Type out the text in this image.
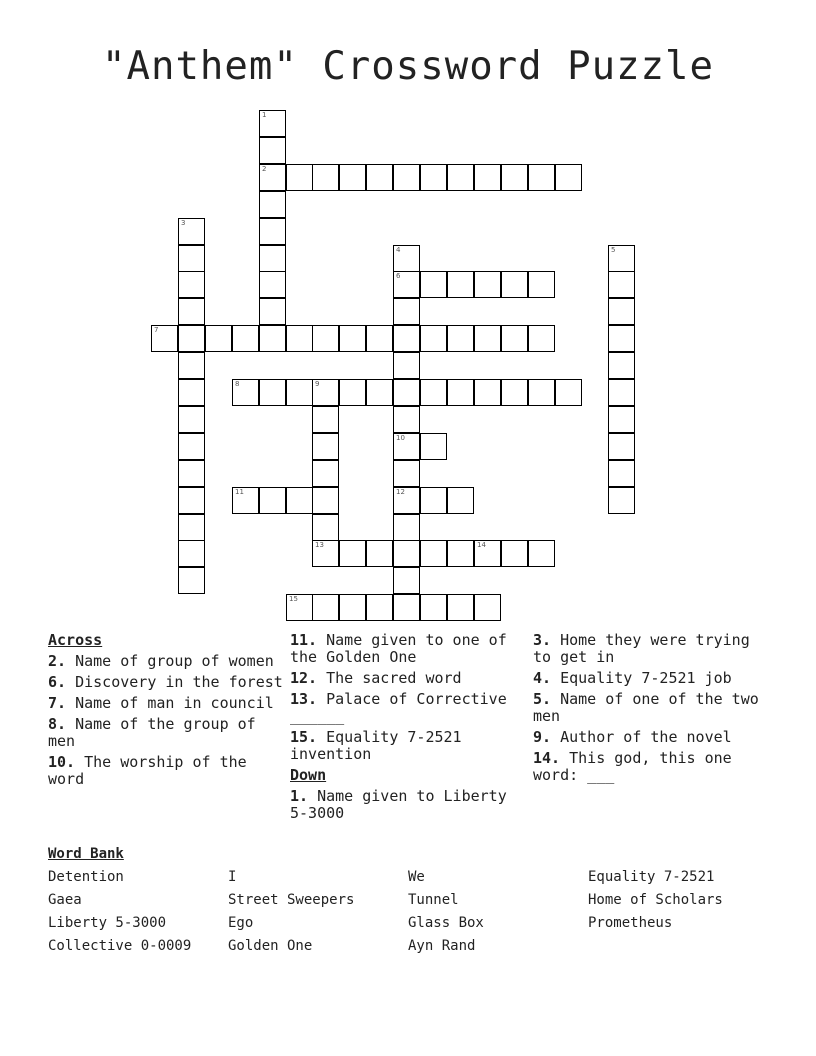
"Anthem" Crossword Puzzle
1
2
3
4
6
10
12
5
7
8	9
13
11
14
15
Across
2. Name of group of women
6. Discovery in the forest
7. Name of man in council
8. Name of the group of men
10. The worship of the word
11. Name given to one of the Golden One
12. The sacred word
13. Palace of Corrective ______
15. Equality 7-2521 invention
Down
1. Name given to Liberty 5-3000
3. Home they were trying to get in
4. Equality 7-2521 job
5. Name of one of the two men
9. Author of the novel
14. This god, this one word: ___
Word Bank
Detention	I	We	Equality 7-2521
Gaea	Street Sweepers	Tunnel	Home of Scholars
Liberty 5-3000	Ego	Glass Box	Prometheus
Collective 0-0009	Golden One	Ayn Rand
